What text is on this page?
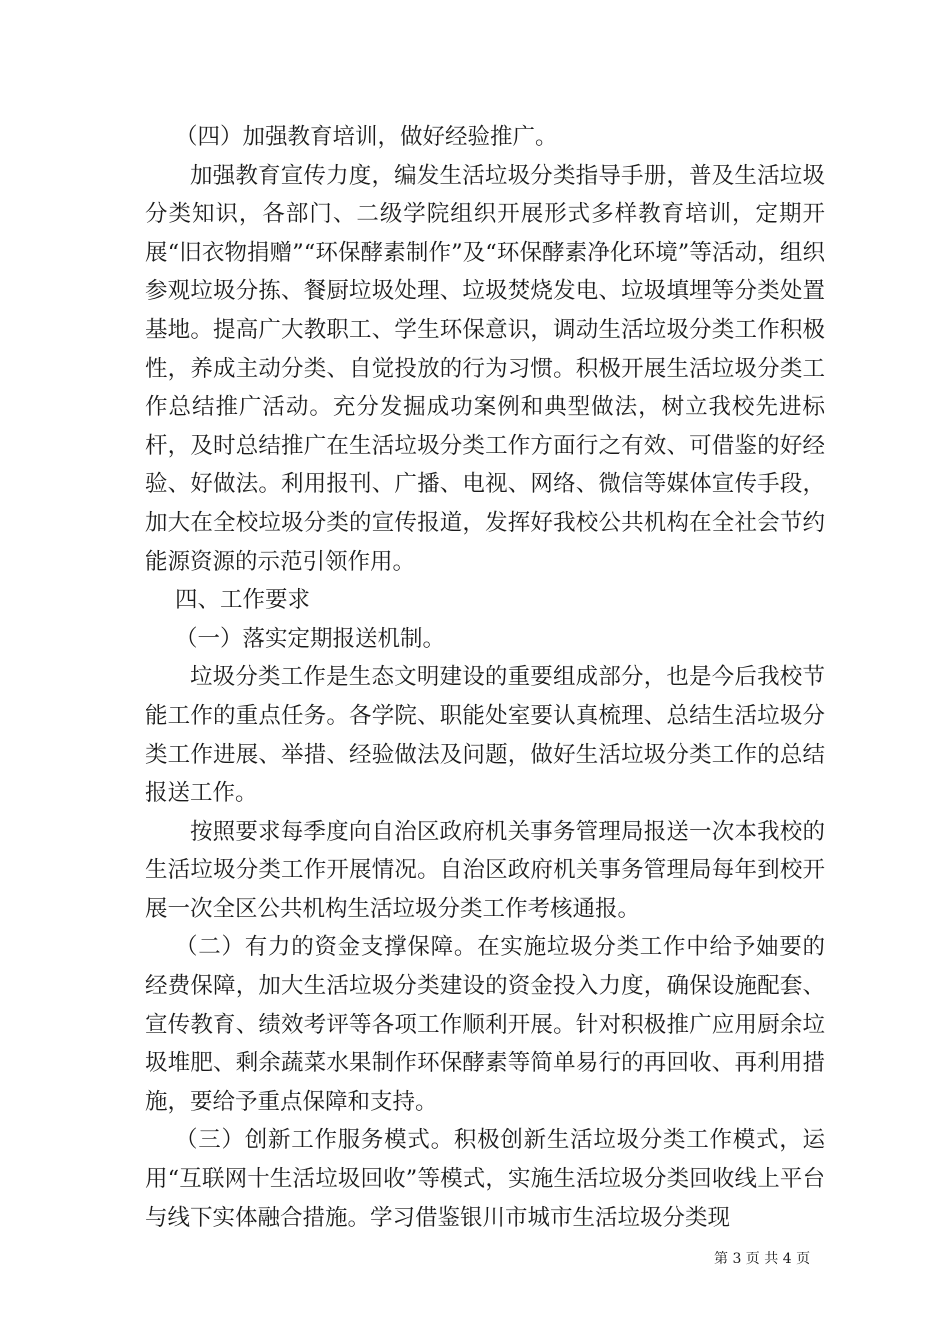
（四）加强教育培训，做好经验推广。

加强教育宣传力度，编发生活垃圾分类指导手册，普及生活垃圾分类知识，各部门、二级学院组织开展形式多样教育培训，定期开展“旧衣物捐赠”“环保酵素制作”及“环保酵素净化环境”等活动，组织参观垃圾分拣、餐厨垃圾处理、垃圾焚烧发电、垃圾填埋等分类处置基地。提高广大教职工、学生环保意识，调动生活垃圾分类工作积极性，养成主动分类、自觉投放的行为习惯。积极开展生活垃圾分类工作总结推广活动。充分发掘成功案例和典型做法，树立我校先进标杆，及时总结推广在生活垃圾分类工作方面行之有效、可借鉴的好经验、好做法。利用报刊、广播、电视、网络、微信等媒体宣传手段，加大在全校垃圾分类的宣传报道，发挥好我校公共机构在全社会节约能源资源的示范引领作用。

四、工作要求

（一）落实定期报送机制。

垃圾分类工作是生态文明建设的重要组成部分，也是今后我校节能工作的重点任务。各学院、职能处室要认真梳理、总结生活垃圾分类工作进展、举措、经验做法及问题，做好生活垃圾分类工作的总结报送工作。

按照要求每季度向自治区政府机关事务管理局报送一次本我校的生活垃圾分类工作开展情况。自治区政府机关事务管理局每年到校开展一次全区公共机构生活垃圾分类工作考核通报。

（二）有力的资金支撑保障。在实施垃圾分类工作中给予妯要的经费保障，加大生活垃圾分类建设的资金投入力度，确保设施配套、宣传教育、绩效考评等各项工作顺利开展。针对积极推广应用厨余垃圾堆肥、剩余蔬菜水果制作环保酵素等简单易行的再回收、再利用措施，要给予重点保障和支持。

（三）创新工作服务模式。积极创新生活垃圾分类工作模式，运用“互联网十生活垃圾回收”等模式，实施生活垃圾分类回收线上平台与线下实体融合措施。学习借鉴银川市城市生活垃圾分类现

第 3 页 共 4 页
